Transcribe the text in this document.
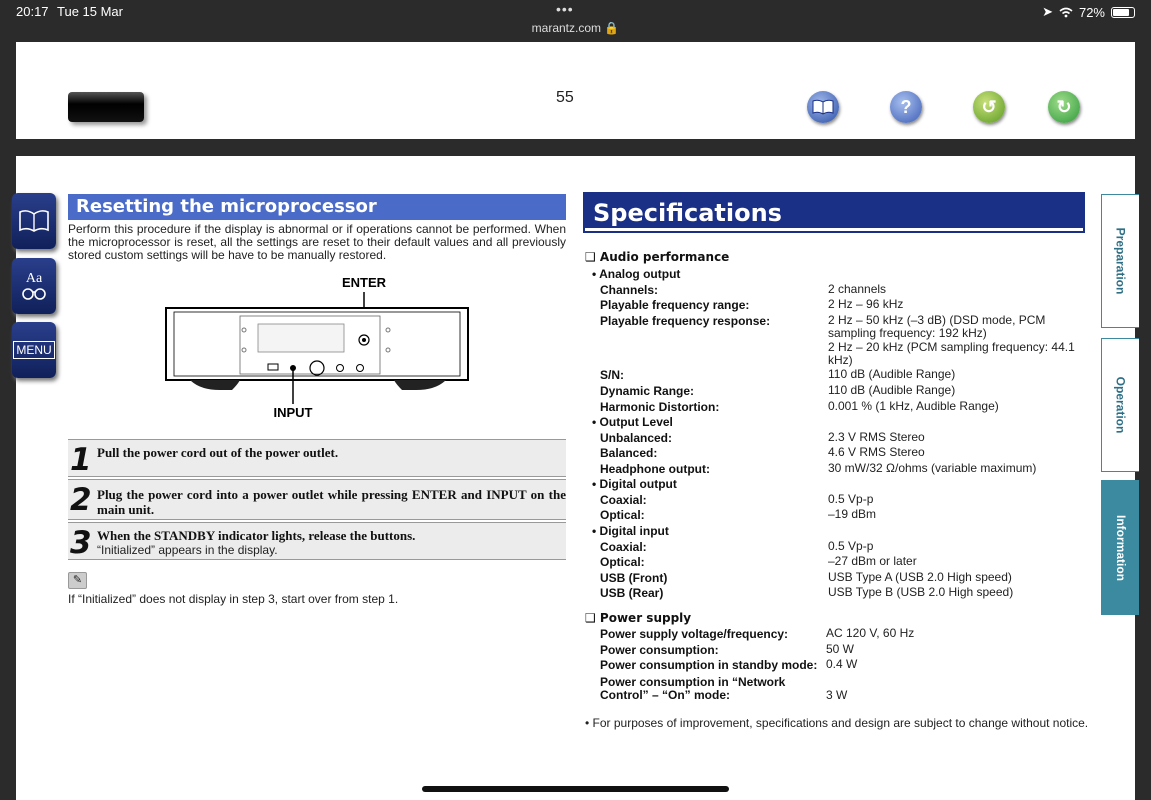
20:17 Tue 15 Mar	•••
marantz.com 🔒
➤ 72%
55	?	↺	↻
Aa
MENU
Resetting the microprocessor
Perform this procedure if the display is abnormal or if operations cannot be performed. When the microprocessor is reset, all the settings are reset to their default values and all previously stored custom settings will be have to be manually restored.
ENTER
INPUT
1 Pull the power cord out of the power outlet.
2 Plug the power cord into a power outlet while pressing ENTER and INPUT on the main unit.
3 When the STANDBY indicator lights, release the buttons.
“Initialized” appears in the display.
✎
If “Initialized” does not display in step 3, start over from step 1.
Specifications
❑ Audio performance
• Analog output
Channels:	2 channels
Playable frequency range:	2 Hz – 96 kHz
Playable frequency response:	2 Hz – 50 kHz (–3 dB) (DSD mode, PCM sampling frequency: 192 kHz)
2 Hz – 20 kHz (PCM sampling frequency: 44.1 kHz)
S/N:	110 dB (Audible Range)
Dynamic Range:	110 dB (Audible Range)
Harmonic Distortion:	0.001 % (1 kHz, Audible Range)
• Output Level
Unbalanced:	2.3 V RMS Stereo
Balanced:	4.6 V RMS Stereo
Headphone output:	30 mW/32 Ω/ohms (variable maximum)
• Digital output
Coaxial:	0.5 Vp-p
Optical:	–19 dBm
• Digital input
Coaxial:	0.5 Vp-p
Optical:	–27 dBm or later
USB (Front)	USB Type A (USB 2.0 High speed)
USB (Rear)	USB Type B (USB 2.0 High speed)
❑ Power supply
Power supply voltage/frequency:	AC 120 V, 60 Hz
Power consumption:	50 W
Power consumption in standby mode: 0.4 W
Power consumption in “Network Control” – “On” mode:	3 W
• For purposes of improvement, specifications and design are subject to change without notice.
Preparation
Operation
Information
